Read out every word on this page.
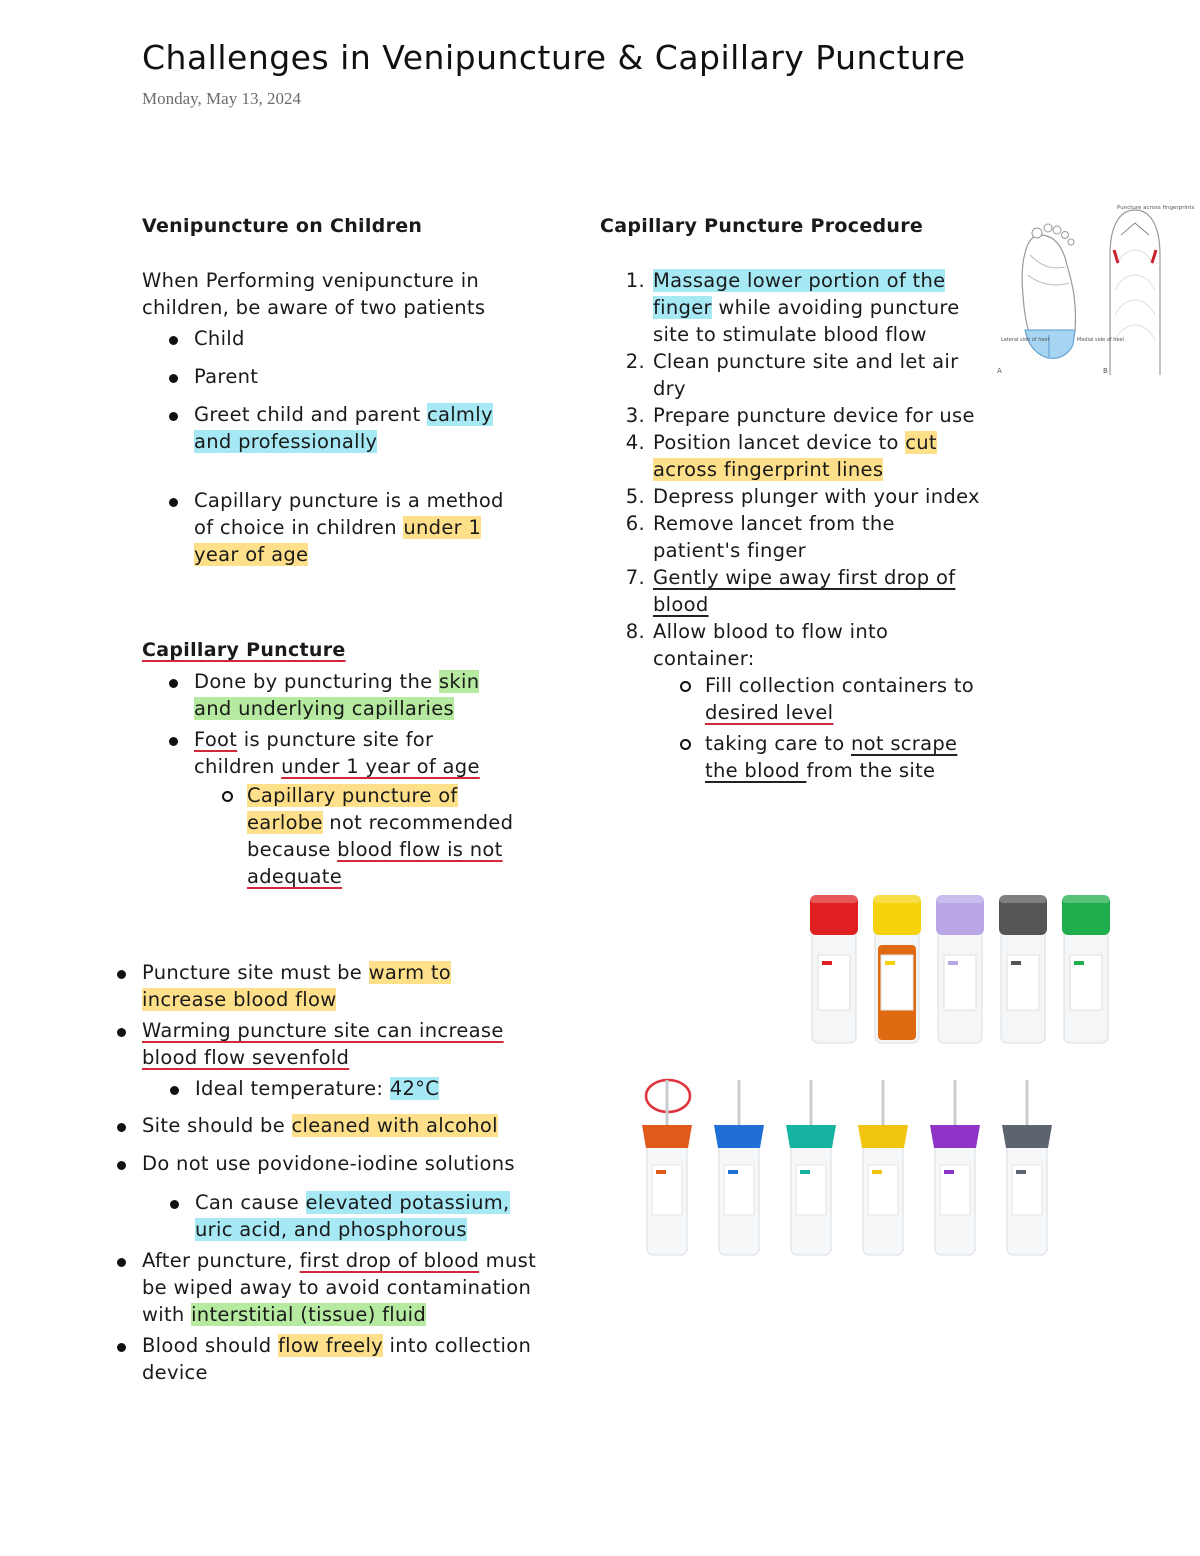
Challenges in Venipuncture & Capillary Puncture
Monday, May 13, 2024
Venipuncture on Children
When Performing venipuncture in children, be aware of two patients
Child
Parent
Greet child and parent calmly and professionally
Capillary puncture is a method of choice in children under 1 year of age
Capillary Puncture
Done by puncturing the skin and underlying capillaries
Foot is puncture site for children under 1 year of age
Capillary puncture of earlobe not recommended because blood flow is not adequate
Puncture site must be warm to increase blood flow
Warming puncture site can increase blood flow sevenfold
Ideal temperature: 42°C
Site should be cleaned with alcohol
Do not use povidone-iodine solutions
Can cause elevated potassium, uric acid, and phosphorous
After puncture, first drop of blood must be wiped away to avoid contamination with interstitial (tissue) fluid
Blood should flow freely into collection device
Capillary Puncture Procedure
1. Massage lower portion of the finger while avoiding puncture site to stimulate blood flow
2. Clean puncture site and let air dry
3. Prepare puncture device for use
4. Position lancet device to cut across fingerprint lines
5. Depress plunger with your index
6. Remove lancet from the patient's finger
7. Gently wipe away first drop of blood
8. Allow blood to flow into container:
Fill collection containers to desired level
taking care to not scrape the blood from the site
Puncture across fingerprints
Lateral side of heel	Medial side of heel
A	B
